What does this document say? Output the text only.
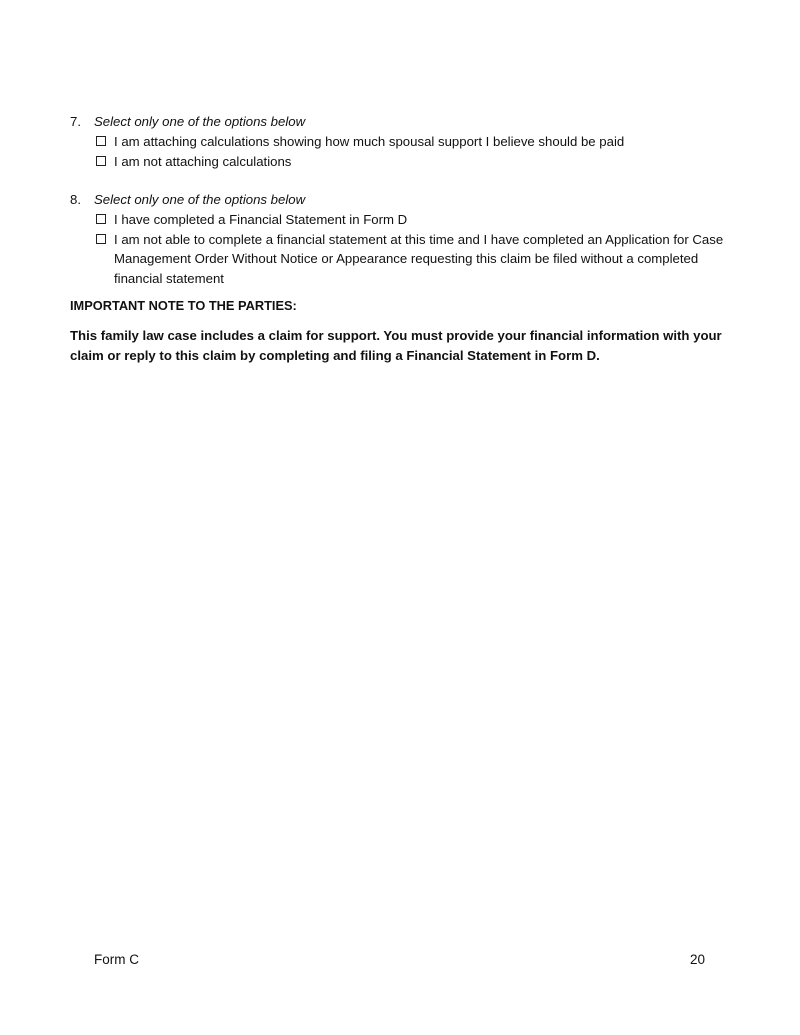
7. Select only one of the options below
I am attaching calculations showing how much spousal support I believe should be paid
I am not attaching calculations
8. Select only one of the options below
I have completed a Financial Statement in Form D
I am not able to complete a financial statement at this time and I have completed an Application for Case Management Order Without Notice or Appearance requesting this claim be filed without a completed financial statement

IMPORTANT NOTE TO THE PARTIES:

This family law case includes a claim for support. You must provide your financial information with your claim or reply to this claim by completing and filing a Financial Statement in Form D.

Form C	20
